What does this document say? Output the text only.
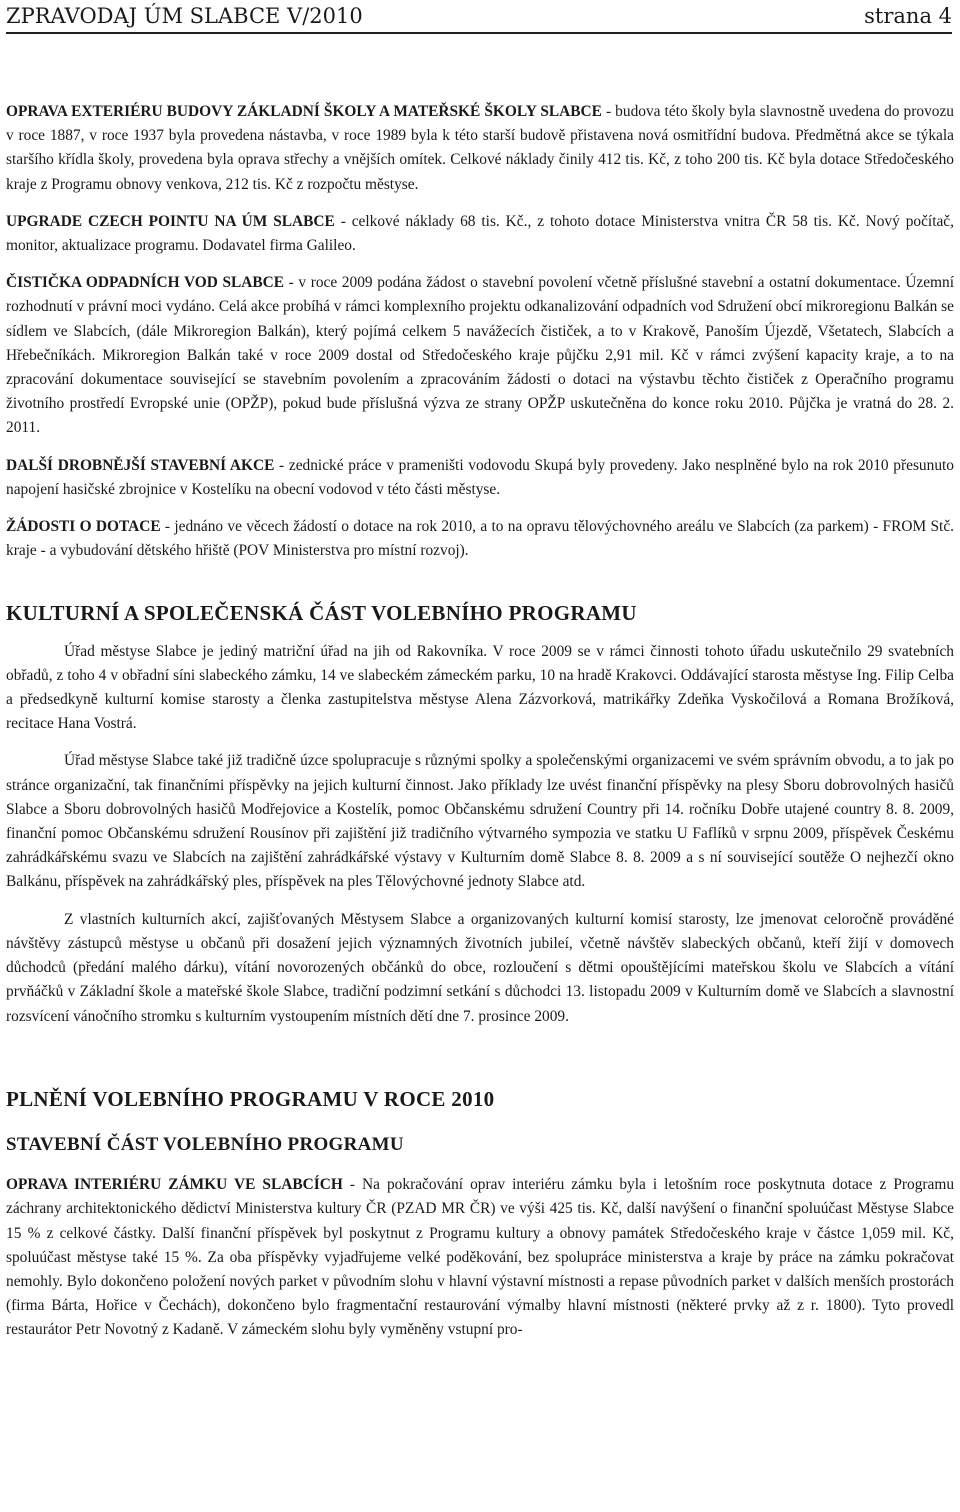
ZPRAVODAJ ÚM SLABCE V/2010	strana 4

OPRAVA EXTERIÉRU BUDOVY ZÁKLADNÍ ŠKOLY A MATEŘSKÉ ŠKOLY SLABCE - budova této školy byla slavnostně uvedena do provozu v roce 1887, v roce 1937 byla provedena nástavba, v roce 1989 byla k této starší budově přistavena nová osmitřídní budova. Předmětná akce se týkala staršího křídla školy, provedena byla oprava střechy a vnějších omítek. Celkové náklady činily 412 tis. Kč, z toho 200 tis. Kč byla dotace Středočeského kraje z Programu obnovy venkova, 212 tis. Kč z rozpočtu městyse.

UPGRADE CZECH POINTU NA ÚM SLABCE - celkové náklady 68 tis. Kč., z tohoto dotace Ministerstva vnitra ČR 58 tis. Kč. Nový počítač, monitor, aktualizace programu. Dodavatel firma Galileo.

ČISTIČKA ODPADNÍCH VOD SLABCE - v roce 2009 podána žádost o stavební povolení včetně příslušné stavební a ostatní dokumentace. Územní rozhodnutí v právní moci vydáno. Celá akce probíhá v rámci komplexního projektu odkanalizování odpadních vod Sdružení obcí mikroregionu Balkán se sídlem ve Slabcích, (dále Mikroregion Balkán), který pojímá celkem 5 navážecích čističek, a to v Krakově, Panoším Újezdě, Všetatech, Slabcích a Hřebečníkách. Mikroregion Balkán také v roce 2009 dostal od Středočeského kraje půjčku 2,91 mil. Kč v rámci zvýšení kapacity kraje, a to na zpracování dokumentace související se stavebním povolením a zpracováním žádosti o dotaci na výstavbu těchto čističek z Operačního programu životního prostředí Evropské unie (OPŽP), pokud bude příslušná výzva ze strany OPŽP uskutečněna do konce roku 2010. Půjčka je vratná do 28. 2. 2011.

DALŠÍ DROBNĚJŠÍ STAVEBNÍ AKCE - zednické práce v prameništi vodovodu Skupá byly provedeny. Jako nesplněné bylo na rok 2010 přesunuto napojení hasičské zbrojnice v Kostelíku na obecní vodovod v této části městyse.

ŽÁDOSTI O DOTACE - jednáno ve věcech žádostí o dotace na rok 2010, a to na opravu tělovýchovného areálu ve Slabcích (za parkem) - FROM Stč. kraje - a vybudování dětského hřiště (POV Ministerstva pro místní rozvoj).

KULTURNÍ A SPOLEČENSKÁ ČÁST VOLEBNÍHO PROGRAMU

Úřad městyse Slabce je jediný matriční úřad na jih od Rakovníka. V roce 2009 se v rámci činnosti tohoto úřadu uskutečnilo 29 svatebních obřadů, z toho 4 v obřadní síni slabeckého zámku, 14 ve slabeckém zámeckém parku, 10 na hradě Krakovci. Oddávající starosta městyse Ing. Filip Celba a předsedkyně kulturní komise starosty a členka zastupitelstva městyse Alena Zázvorková, matrikářky Zdeňka Vyskočilová a Romana Brožíková, recitace Hana Vostrá.

Úřad městyse Slabce také již tradičně úzce spolupracuje s různými spolky a společenskými organizacemi ve svém správním obvodu, a to jak po stránce organizační, tak finančními příspěvky na jejich kulturní činnost. Jako příklady lze uvést finanční příspěvky na plesy Sboru dobrovolných hasičů Slabce a Sboru dobrovolných hasičů Modřejovice a Kostelík, pomoc Občanskému sdružení Country při 14. ročníku Dobře utajené country 8. 8. 2009, finanční pomoc Občanskému sdružení Rousínov při zajištění již tradičního výtvarného sympozia ve statku U Faflíků v srpnu 2009, příspěvek Českému zahrádkářskému svazu ve Slabcích na zajištění zahrádkářské výstavy v Kulturním domě Slabce 8. 8. 2009 a s ní související soutěže O nejhezčí okno Balkánu, příspěvek na zahrádkářský ples, příspěvek na ples Tělovýchovné jednoty Slabce atd.

Z vlastních kulturních akcí, zajišťovaných Městysem Slabce a organizovaných kulturní komisí starosty, lze jmenovat celoročně prováděné návštěvy zástupců městyse u občanů při dosažení jejich významných životních jubileí, včetně návštěv slabeckých občanů, kteří žijí v domovech důchodců (předání malého dárku), vítání novorozených občánků do obce, rozloučení s dětmi opouštějícími mateřskou školu ve Slabcích a vítání prvňáčků v Základní škole a mateřské škole Slabce, tradiční podzimní setkání s důchodci 13. listopadu 2009 v Kulturním domě ve Slabcích a slavnostní rozsvícení vánočního stromku s kulturním vystoupením místních dětí dne 7. prosince 2009.

PLNĚNÍ VOLEBNÍHO PROGRAMU V ROCE 2010
STAVEBNÍ ČÁST VOLEBNÍHO PROGRAMU

OPRAVA INTERIÉRU ZÁMKU VE SLABCÍCH - Na pokračování oprav interiéru zámku byla i letošním roce poskytnuta dotace z Programu záchrany architektonického dědictví Ministerstva kultury ČR (PZAD MR ČR) ve výši 425 tis. Kč, další navýšení o finanční spoluúčast Městyse Slabce 15 % z celkové částky. Další finanční příspěvek byl poskytnut z Programu kultury a obnovy památek Středočeského kraje v částce 1,059 mil. Kč, spoluúčast městyse také 15 %. Za oba příspěvky vyjadřujeme velké poděkování, bez spolupráce ministerstva a kraje by práce na zámku pokračovat nemohly. Bylo dokončeno položení nových parket v původním slohu v hlavní výstavní místnosti a repase původních parket v dalších menších prostorách (firma Bárta, Hořice v Čechách), dokončeno bylo fragmentační restaurování výmalby hlavní místnosti (některé prvky až z r. 1800). Tyto provedl restaurátor Petr Novotný z Kadaně. V zámeckém slohu byly vyměněny vstupní pro-
